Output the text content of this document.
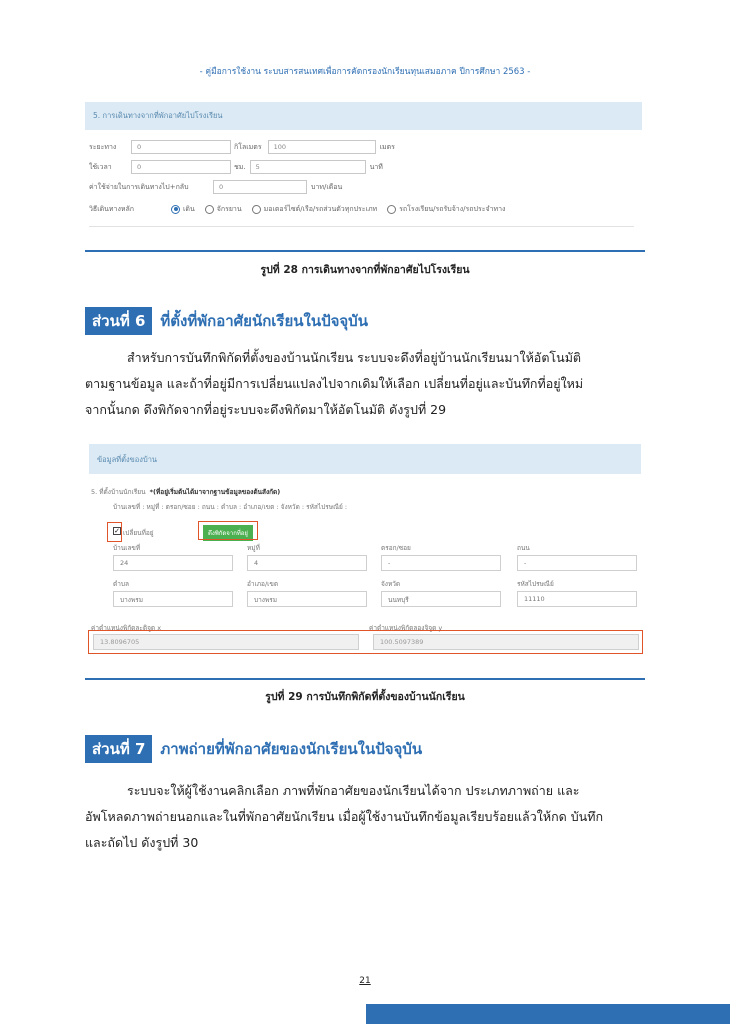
- คู่มือการใช้งาน ระบบสารสนเทศเพื่อการคัดกรองนักเรียนทุนเสมอภาค ปีการศึกษา 2563 -
5. การเดินทางจากที่พักอาศัยไปโรงเรียน
ระยะทาง	0	กิโลเมตร	100	เมตร
ใช้เวลา	0	ชม.	5	นาที
ค่าใช้จ่ายในการเดินทางไป+กลับ	0	บาท/เดือน
วิธีเดินทางหลัก	เดิน	จักรยาน	มอเตอร์ไซต์/เรือ/รถส่วนตัวทุกประเภท	รถโรงเรียน/รถรับจ้าง/รถประจำทาง
รูปที่ 28 การเดินทางจากที่พักอาศัยไปโรงเรียน
ส่วนที่ 6	ที่ตั้งที่พักอาศัยนักเรียนในปัจจุบัน
สำหรับการบันทึกพิกัดที่ตั้งของบ้านนักเรียน ระบบจะดึงที่อยู่บ้านนักเรียนมาให้อัตโนมัติ
ตามฐานข้อมูล และถ้าที่อยู่มีการเปลี่ยนแปลงไปจากเดิมให้เลือก เปลี่ยนที่อยู่และบันทึกที่อยู่ใหม่
จากนั้นกด ดึงพิกัดจากที่อยู่ระบบจะดึงพิกัดมาให้อัตโนมัติ ดังรูปที่ 29
ข้อมูลที่ตั้งของบ้าน
5. ที่ตั้งบ้านนักเรียน *(ที่อยู่เริ่มต้นได้มาจากฐานข้อมูลของต้นสังกัด)
บ้านเลขที่ : หมู่ที่ : ตรอก/ซอย : ถนน : ตำบล : อำเภอ/เขต : จังหวัด : รหัสไปรษณีย์ :
✓ เปลี่ยนที่อยู่	ดึงพิกัดจากที่อยู่
บ้านเลขที่
24
หมู่ที่
4
ตรอก/ซอย
-
ถนน
-
ตำบล
บางพรม
อำเภอ/เขต
บางพรม
จังหวัด
นนทบุรี
รหัสไปรษณีย์
11110
ค่าตำแหน่งพิกัดละติจูด x	ค่าตำแหน่งพิกัดลองจิจูด y
13.8096705	100.5097389
รูปที่ 29 การบันทึกพิกัดที่ตั้งของบ้านนักเรียน
ส่วนที่ 7	ภาพถ่ายที่พักอาศัยของนักเรียนในปัจจุบัน
ระบบจะให้ผู้ใช้งานคลิกเลือก ภาพที่พักอาศัยของนักเรียนได้จาก ประเภทภาพถ่าย และ
อัพโหลดภาพถ่ายนอกและในที่พักอาศัยนักเรียน เมื่อผู้ใช้งานบันทึกข้อมูลเรียบร้อยแล้วให้กด บันทึก
และถัดไป ดังรูปที่ 30
21
